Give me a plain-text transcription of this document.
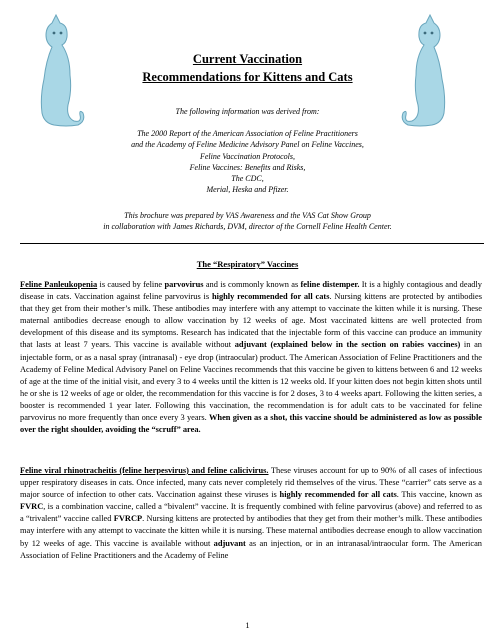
Current Vaccination
Recommendations for Kittens and Cats
The following information was derived from:
The 2000 Report of the American Association of Feline Practitioners
and the Academy of Feline Medicine Advisory Panel on Feline Vaccines,
Feline Vaccination Protocols,
Feline Vaccines: Benefits and Risks,
The CDC,
Merial, Heska and Pfizer.
This brochure was prepared by VAS Awareness and the VAS Cat Show Group
in collaboration with James Richards, DVM, director of the Cornell Feline Health Center.
The “Respiratory” Vaccines
Feline Panleukopenia is caused by feline parvovirus and is commonly known as feline distemper. It is a highly contagious and deadly disease in cats. Vaccination against feline parvovirus is highly recommended for all cats. Nursing kittens are protected by antibodies that they get from their mother’s milk. These antibodies may interfere with any attempt to vaccinate the kitten while it is nursing. These maternal antibodies decrease enough to allow vaccination by 12 weeks of age. Most vaccinated kittens are well protected from development of this disease and its symptoms. Research has indicated that the injectable form of this vaccine can produce an immunity that lasts at least 7 years. This vaccine is available without adjuvant (explained below in the section on rabies vaccines) in an injectable form, or as a nasal spray (intranasal) - eye drop (intraocular) product. The American Association of Feline Practitioners and the Academy of Feline Medical Advisory Panel on Feline Vaccines recommends that this vaccine be given to kittens between 6 and 12 weeks of age at the time of the initial visit, and every 3 to 4 weeks until the kitten is 12 weeks old. If your kitten does not begin kitten shots until he or she is 12 weeks of age or older, the recommendation for this vaccine is for 2 doses, 3 to 4 weeks apart. Following the kitten series, a booster is recommended 1 year later. Following this vaccination, the recommendation is for adult cats to be vaccinated for feline parvovirus no more frequently than once every 3 years. When given as a shot, this vaccine should be administered as low as possible over the right shoulder, avoiding the “scruff” area.
Feline viral rhinotracheitis (feline herpesvirus) and feline calicivirus. These viruses account for up to 90% of all cases of infectious upper respiratory diseases in cats. Once infected, many cats never completely rid themselves of the virus. These “carrier” cats serve as a major source of infection to other cats. Vaccination against these viruses is highly recommended for all cats. This vaccine, known as FVRC, is a combination vaccine, called a “bivalent” vaccine. It is frequently combined with feline parvovirus (above) and referred to as a “trivalent” vaccine called FVRCP. Nursing kittens are protected by antibodies that they get from their mother’s milk. These antibodies may interfere with any attempt to vaccinate the kitten while it is nursing. These maternal antibodies decrease enough to allow vaccination by 12 weeks of age. This vaccine is available without adjuvant as an injection, or in an intranasal/intraocular form. The American Association of Feline Practitioners and the Academy of Feline
1
